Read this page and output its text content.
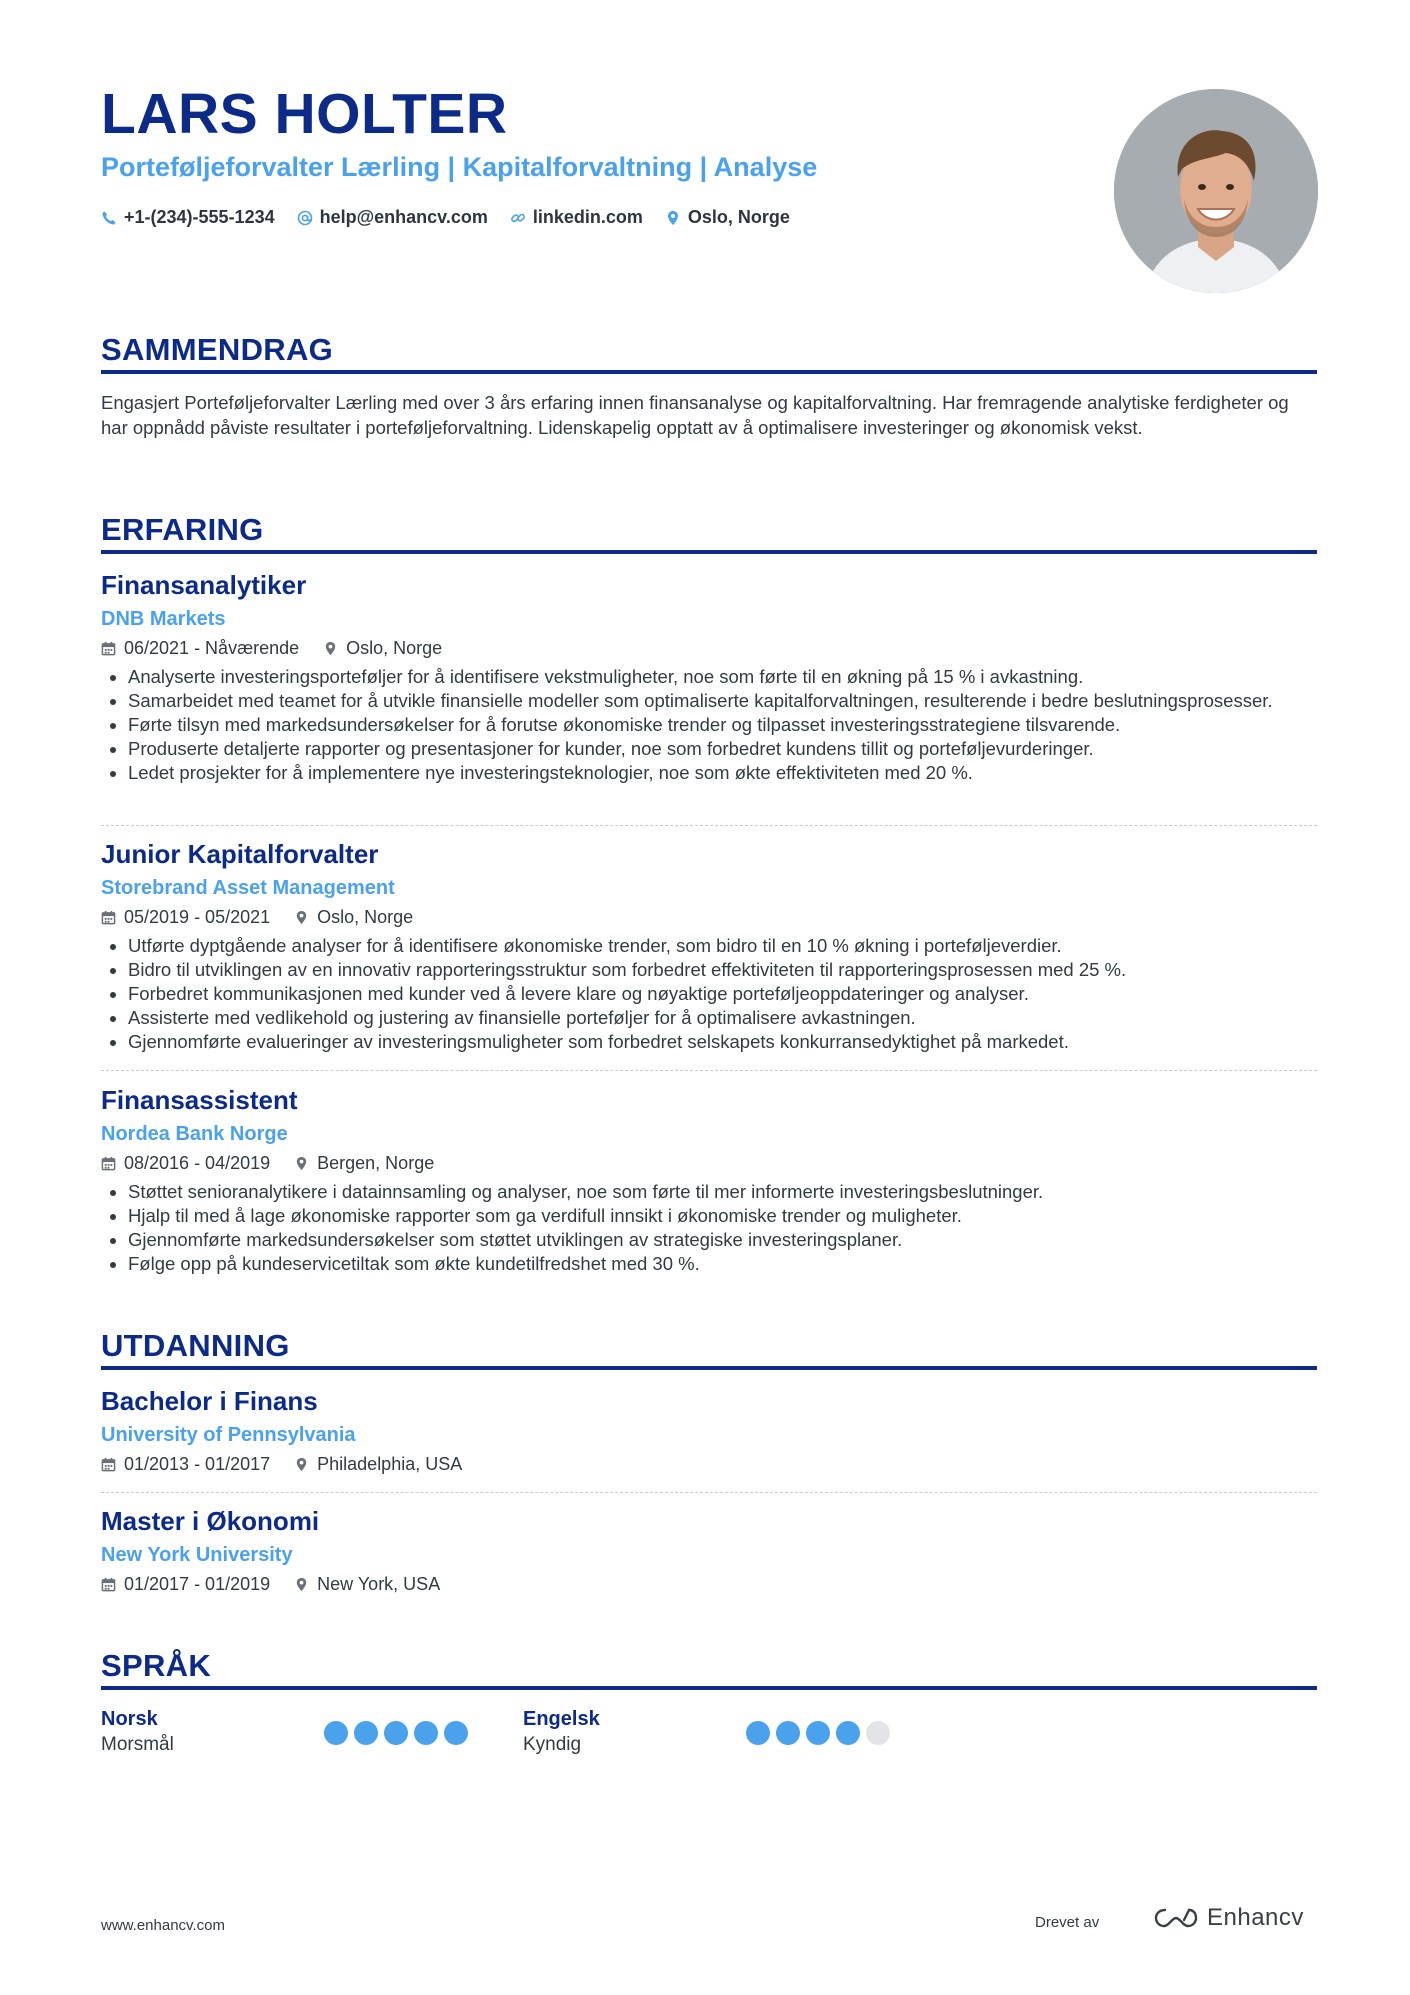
LARS HOLTER
Porteføljeforvalter Lærling | Kapitalforvaltning | Analyse
+1-(234)-555-1234	help@enhancv.com	linkedin.com	Oslo, Norge
SAMMENDRAG

Engasjert Porteføljeforvalter Lærling med over 3 års erfaring innen finansanalyse og kapitalforvaltning. Har fremragende analytiske ferdigheter og har oppnådd påviste resultater i porteføljeforvaltning. Lidenskapelig opptatt av å optimalisere investeringer og økonomisk vekst.

ERFARING
Finansanalytiker
DNB Markets
06/2021 - Nåværende	Oslo, Norge
• Analyserte investeringsporteføljer for å identifisere vekstmuligheter, noe som førte til en økning på 15 % i avkastning.
• Samarbeidet med teamet for å utvikle finansielle modeller som optimaliserte kapitalforvaltningen, resulterende i bedre beslutningsprosesser.
• Førte tilsyn med markedsundersøkelser for å forutse økonomiske trender og tilpasset investeringsstrategiene tilsvarende.
• Produserte detaljerte rapporter og presentasjoner for kunder, noe som forbedret kundens tillit og porteføljevurderinger.
• Ledet prosjekter for å implementere nye investeringsteknologier, noe som økte effektiviteten med 20 %.
Junior Kapitalforvalter
Storebrand Asset Management
05/2019 - 05/2021	Oslo, Norge
• Utførte dyptgående analyser for å identifisere økonomiske trender, som bidro til en 10 % økning i porteføljeverdier.
• Bidro til utviklingen av en innovativ rapporteringsstruktur som forbedret effektiviteten til rapporteringsprosessen med 25 %.
• Forbedret kommunikasjonen med kunder ved å levere klare og nøyaktige porteføljeoppdateringer og analyser.
• Assisterte med vedlikehold og justering av finansielle porteføljer for å optimalisere avkastningen.
• Gjennomførte evalueringer av investeringsmuligheter som forbedret selskapets konkurransedyktighet på markedet.
Finansassistent
Nordea Bank Norge
08/2016 - 04/2019	Bergen, Norge
• Støttet senioranalytikere i datainnsamling og analyser, noe som førte til mer informerte investeringsbeslutninger.
• Hjalp til med å lage økonomiske rapporter som ga verdifull innsikt i økonomiske trender og muligheter.
• Gjennomførte markedsundersøkelser som støttet utviklingen av strategiske investeringsplaner.
• Følge opp på kundeservicetiltak som økte kundetilfredshet med 30 %.
UTDANNING
Bachelor i Finans
University of Pennsylvania
01/2013 - 01/2017	Philadelphia, USA
Master i Økonomi
New York University
01/2017 - 01/2019	New York, USA
SPRÅK
Norsk
Morsmål
Engelsk
Kyndig
www.enhancv.com	Drevet av	Enhancv
